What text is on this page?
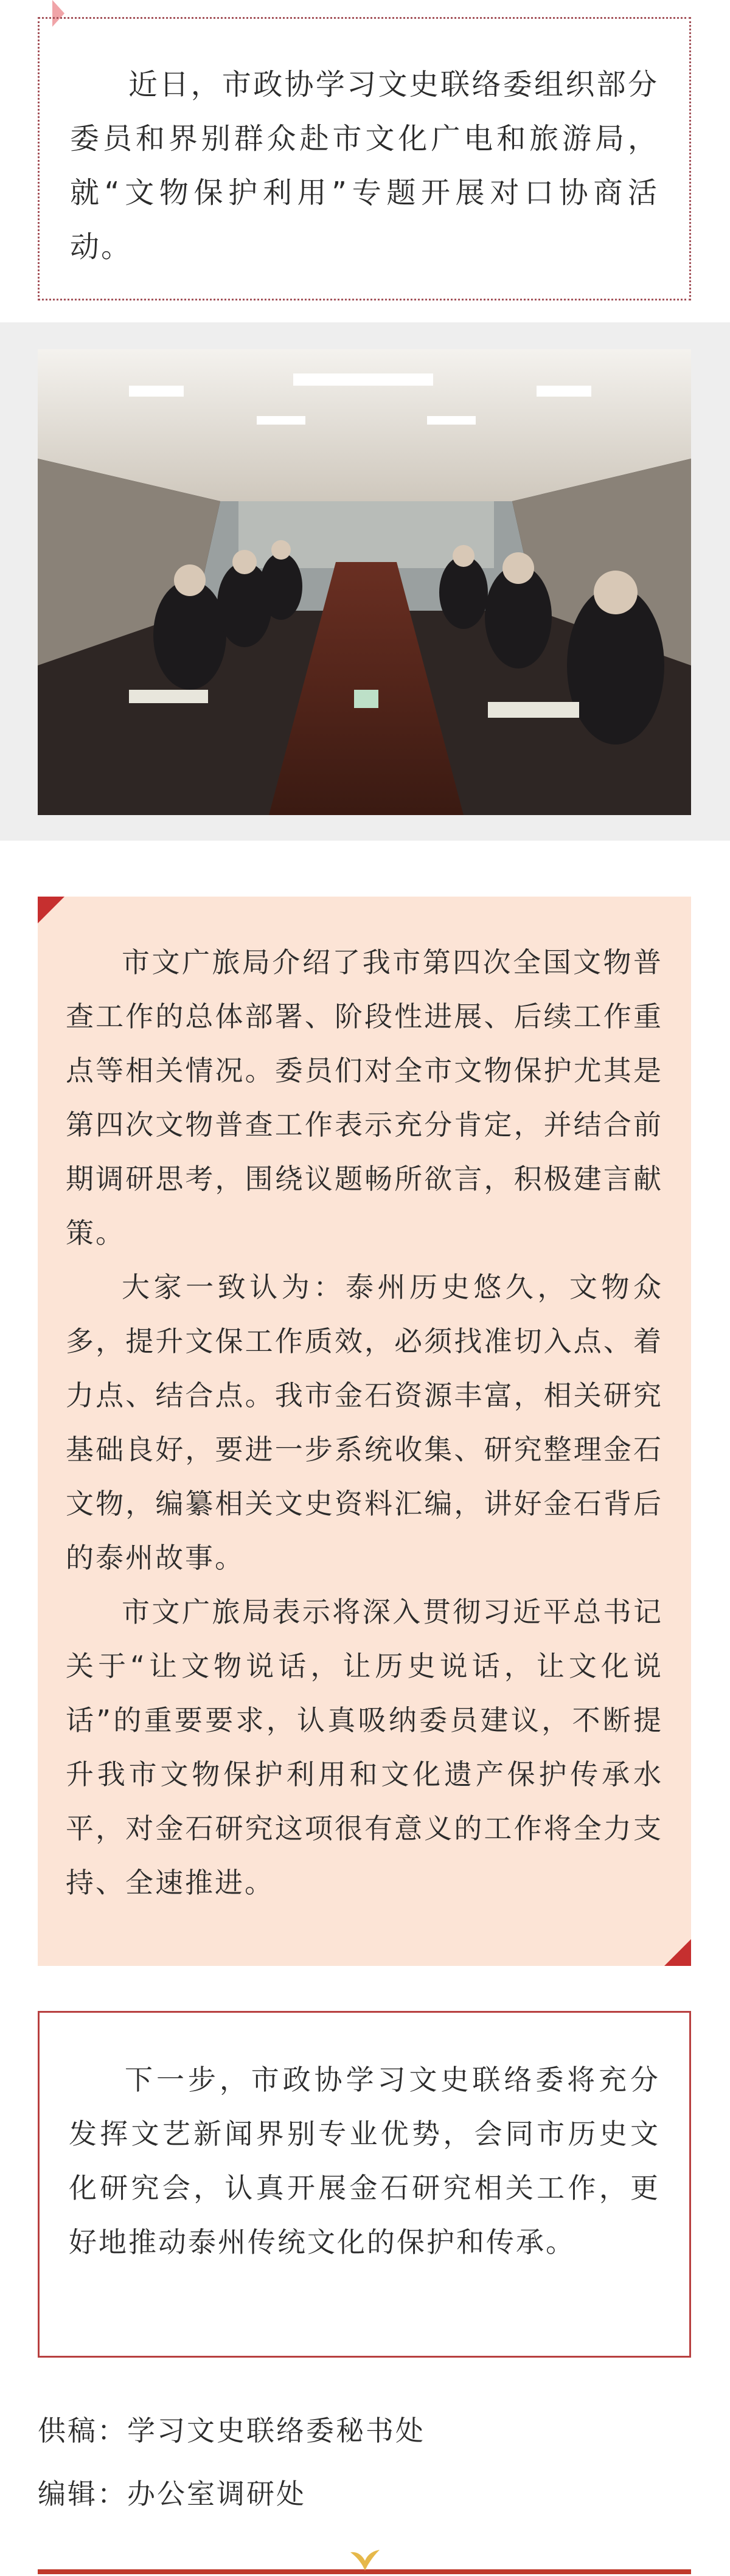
近日，市政协学习文史联络委组织部分委员和界别群众赴市文化广电和旅游局，就“文物保护利用”专题开展对口协商活动。

市文广旅局介绍了我市第四次全国文物普查工作的总体部署、阶段性进展、后续工作重点等相关情况。委员们对全市文物保护尤其是第四次文物普查工作表示充分肯定，并结合前期调研思考，围绕议题畅所欲言，积极建言献策。

大家一致认为：泰州历史悠久，文物众多，提升文保工作质效，必须找准切入点、着力点、结合点。我市金石资源丰富，相关研究基础良好，要进一步系统收集、研究整理金石文物，编纂相关文史资料汇编，讲好金石背后的泰州故事。

市文广旅局表示将深入贯彻习近平总书记关于“让文物说话，让历史说话，让文化说话”的重要要求，认真吸纳委员建议，不断提升我市文物保护利用和文化遗产保护传承水平，对金石研究这项很有意义的工作将全力支持、全速推进。

下一步，市政协学习文史联络委将充分发挥文艺新闻界别专业优势，会同市历史文化研究会，认真开展金石研究相关工作，更好地推动泰州传统文化的保护和传承。

供稿：学习文史联络委秘书处
编辑：办公室调研处
